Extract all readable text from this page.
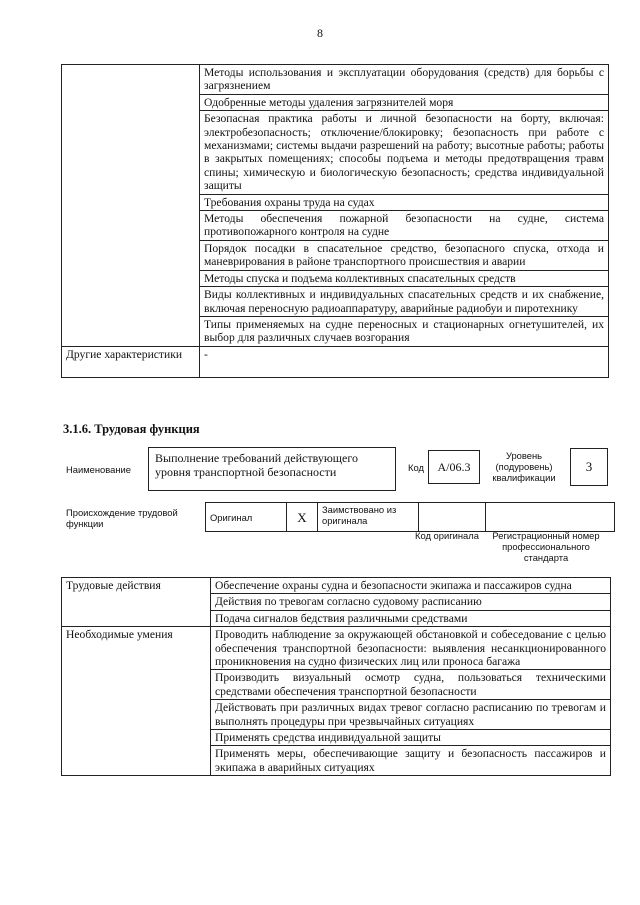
8
	Методы использования и эксплуатации оборудования (средств) для борьбы с загрязнением
	Одобренные методы удаления загрязнителей моря
	Безопасная практика работы и личной безопасности на борту, включая: электробезопасность; отключение/блокировку; безопасность при работе с механизмами; системы выдачи разрешений на работу; высотные работы; работы в закрытых помещениях; способы подъема и методы предотвращения травм спины; химическую и биологическую безопасность; средства индивидуальной защиты
	Требования охраны труда на судах
	Методы обеспечения пожарной безопасности на судне, система противопожарного контроля на судне
	Порядок посадки в спасательное средство, безопасного спуска, отхода и маневрирования в районе транспортного происшествия и аварии
	Методы спуска и подъема коллективных спасательных средств
	Виды коллективных и индивидуальных спасательных средств и их снабжение, включая переносную радиоаппаратуру, аварийные радиобуи и пиротехнику
	Типы применяемых на судне переносных и стационарных огнетушителей, их выбор для различных случаев возгорания
Другие характеристики	-
3.1.6. Трудовая функция
Наименование
Выполнение требований действующего уровня транспортной безопасности	Код	A/06.3
Уровень (подуровень) квалификации
3
Происхождение трудовой функции
Оригинал	X	Заимствовано из оригинала		
Код оригинала	Регистрационный номер профессионального стандарта
Трудовые действия	Обеспечение охраны судна и безопасности экипажа и пассажиров судна
	Действия по тревогам согласно судовому расписанию
	Подача сигналов бедствия различными средствами
Необходимые умения	Проводить наблюдение за окружающей обстановкой и собеседование с целью обеспечения транспортной безопасности: выявления несанкционированного проникновения на судно физических лиц или проноса багажа
	Производить визуальный осмотр судна, пользоваться техническими средствами обеспечения транспортной безопасности
	Действовать при различных видах тревог согласно расписанию по тревогам и выполнять процедуры при чрезвычайных ситуациях
	Применять средства индивидуальной защиты
	Применять меры, обеспечивающие защиту и безопасность пассажиров и экипажа в аварийных ситуациях
